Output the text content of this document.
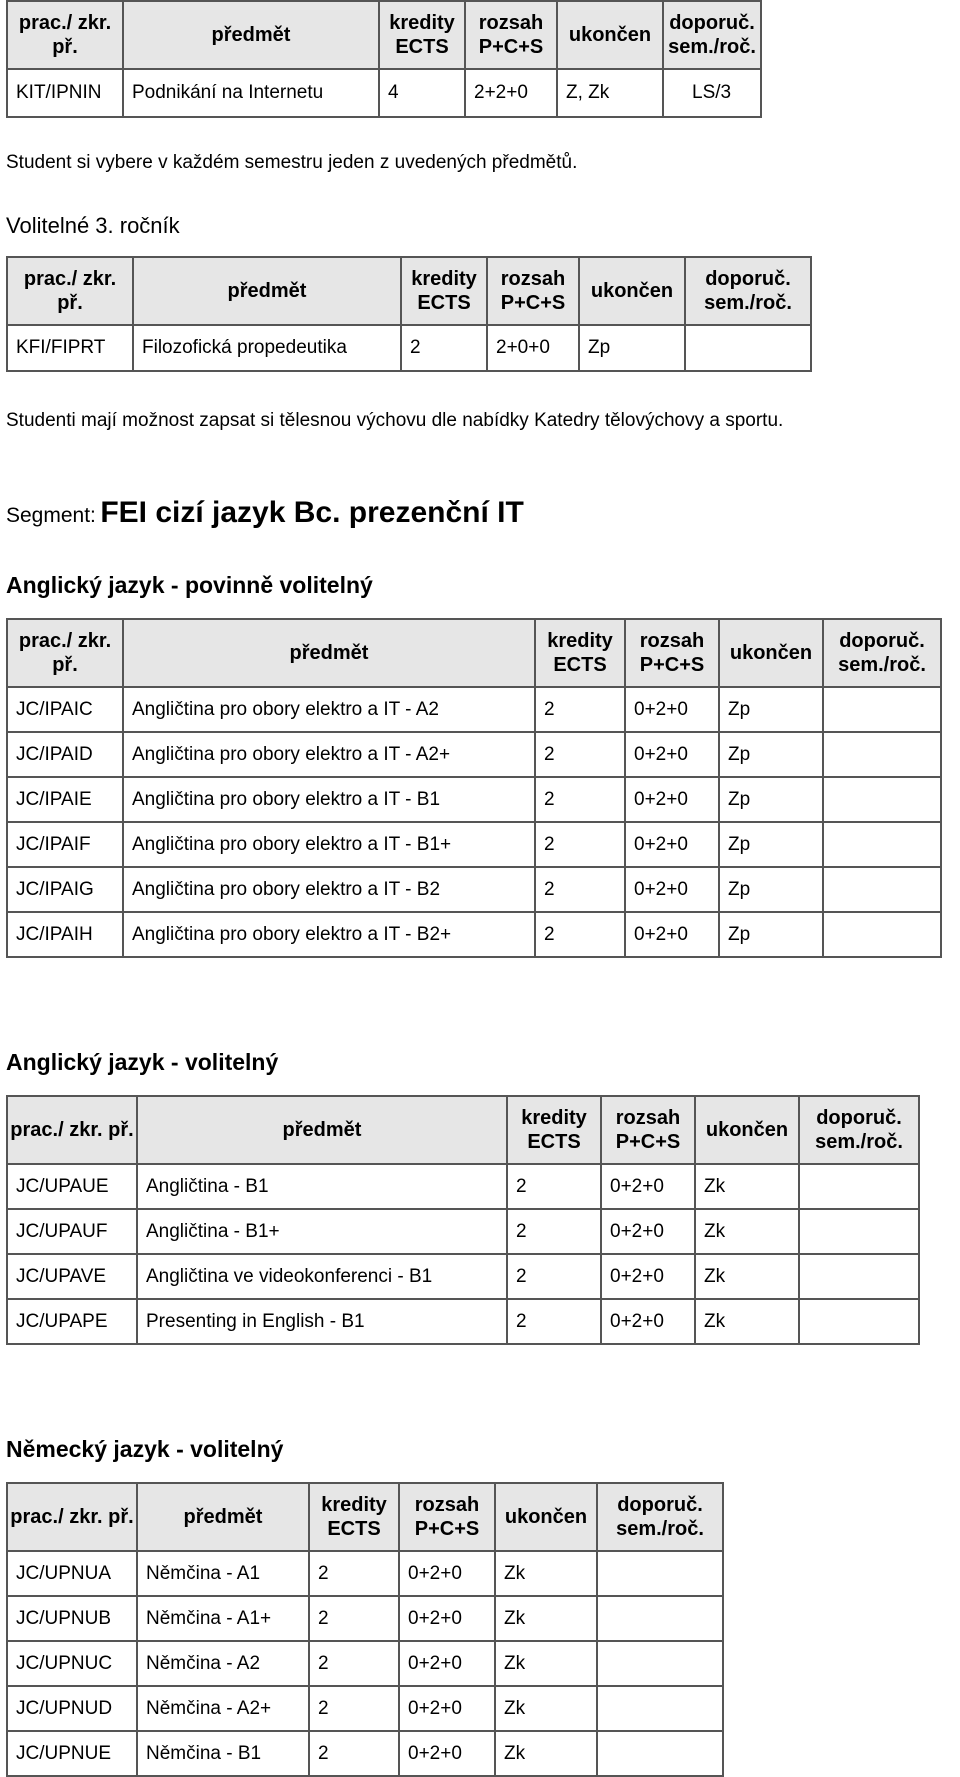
prac./ zkr. př.	předmět	kredity ECTS	rozsah P+C+S	ukončen	doporuč. sem./roč.
KIT/IPNIN	Podnikání na Internetu	4	2+2+0	Z, Zk	LS/3
Student si vybere v každém semestru jeden z uvedených předmětů.
Volitelné 3. ročník
prac./ zkr. př.	předmět	kredity ECTS	rozsah P+C+S	ukončen	doporuč. sem./roč.
KFI/FIPRT	Filozofická propedeutika	2	2+0+0	Zp	
Studenti mají možnost zapsat si tělesnou výchovu dle nabídky Katedry tělovýchovy a sportu.
Segment: FEI cizí jazyk Bc. prezenční IT
Anglický jazyk - povinně volitelný
prac./ zkr. př.	předmět	kredity ECTS	rozsah P+C+S	ukončen	doporuč. sem./roč.
JC/IPAIC	Angličtina pro obory elektro a IT - A2	2	0+2+0	Zp	
JC/IPAID	Angličtina pro obory elektro a IT - A2+	2	0+2+0	Zp	
JC/IPAIE	Angličtina pro obory elektro a IT - B1	2	0+2+0	Zp	
JC/IPAIF	Angličtina pro obory elektro a IT - B1+	2	0+2+0	Zp	
JC/IPAIG	Angličtina pro obory elektro a IT - B2	2	0+2+0	Zp	
JC/IPAIH	Angličtina pro obory elektro a IT - B2+	2	0+2+0	Zp	
Anglický jazyk - volitelný
prac./ zkr. př.	předmět	kredity ECTS	rozsah P+C+S	ukončen	doporuč. sem./roč.
JC/UPAUE	Angličtina - B1	2	0+2+0	Zk	
JC/UPAUF	Angličtina - B1+	2	0+2+0	Zk	
JC/UPAVE	Angličtina ve videokonferenci - B1	2	0+2+0	Zk	
JC/UPAPE	Presenting in English - B1	2	0+2+0	Zk	
Německý jazyk - volitelný
prac./ zkr. př.	předmět	kredity ECTS	rozsah P+C+S	ukončen	doporuč. sem./roč.
JC/UPNUA	Němčina - A1	2	0+2+0	Zk	
JC/UPNUB	Němčina - A1+	2	0+2+0	Zk	
JC/UPNUC	Němčina - A2	2	0+2+0	Zk	
JC/UPNUD	Němčina - A2+	2	0+2+0	Zk	
JC/UPNUE	Němčina - B1	2	0+2+0	Zk	
